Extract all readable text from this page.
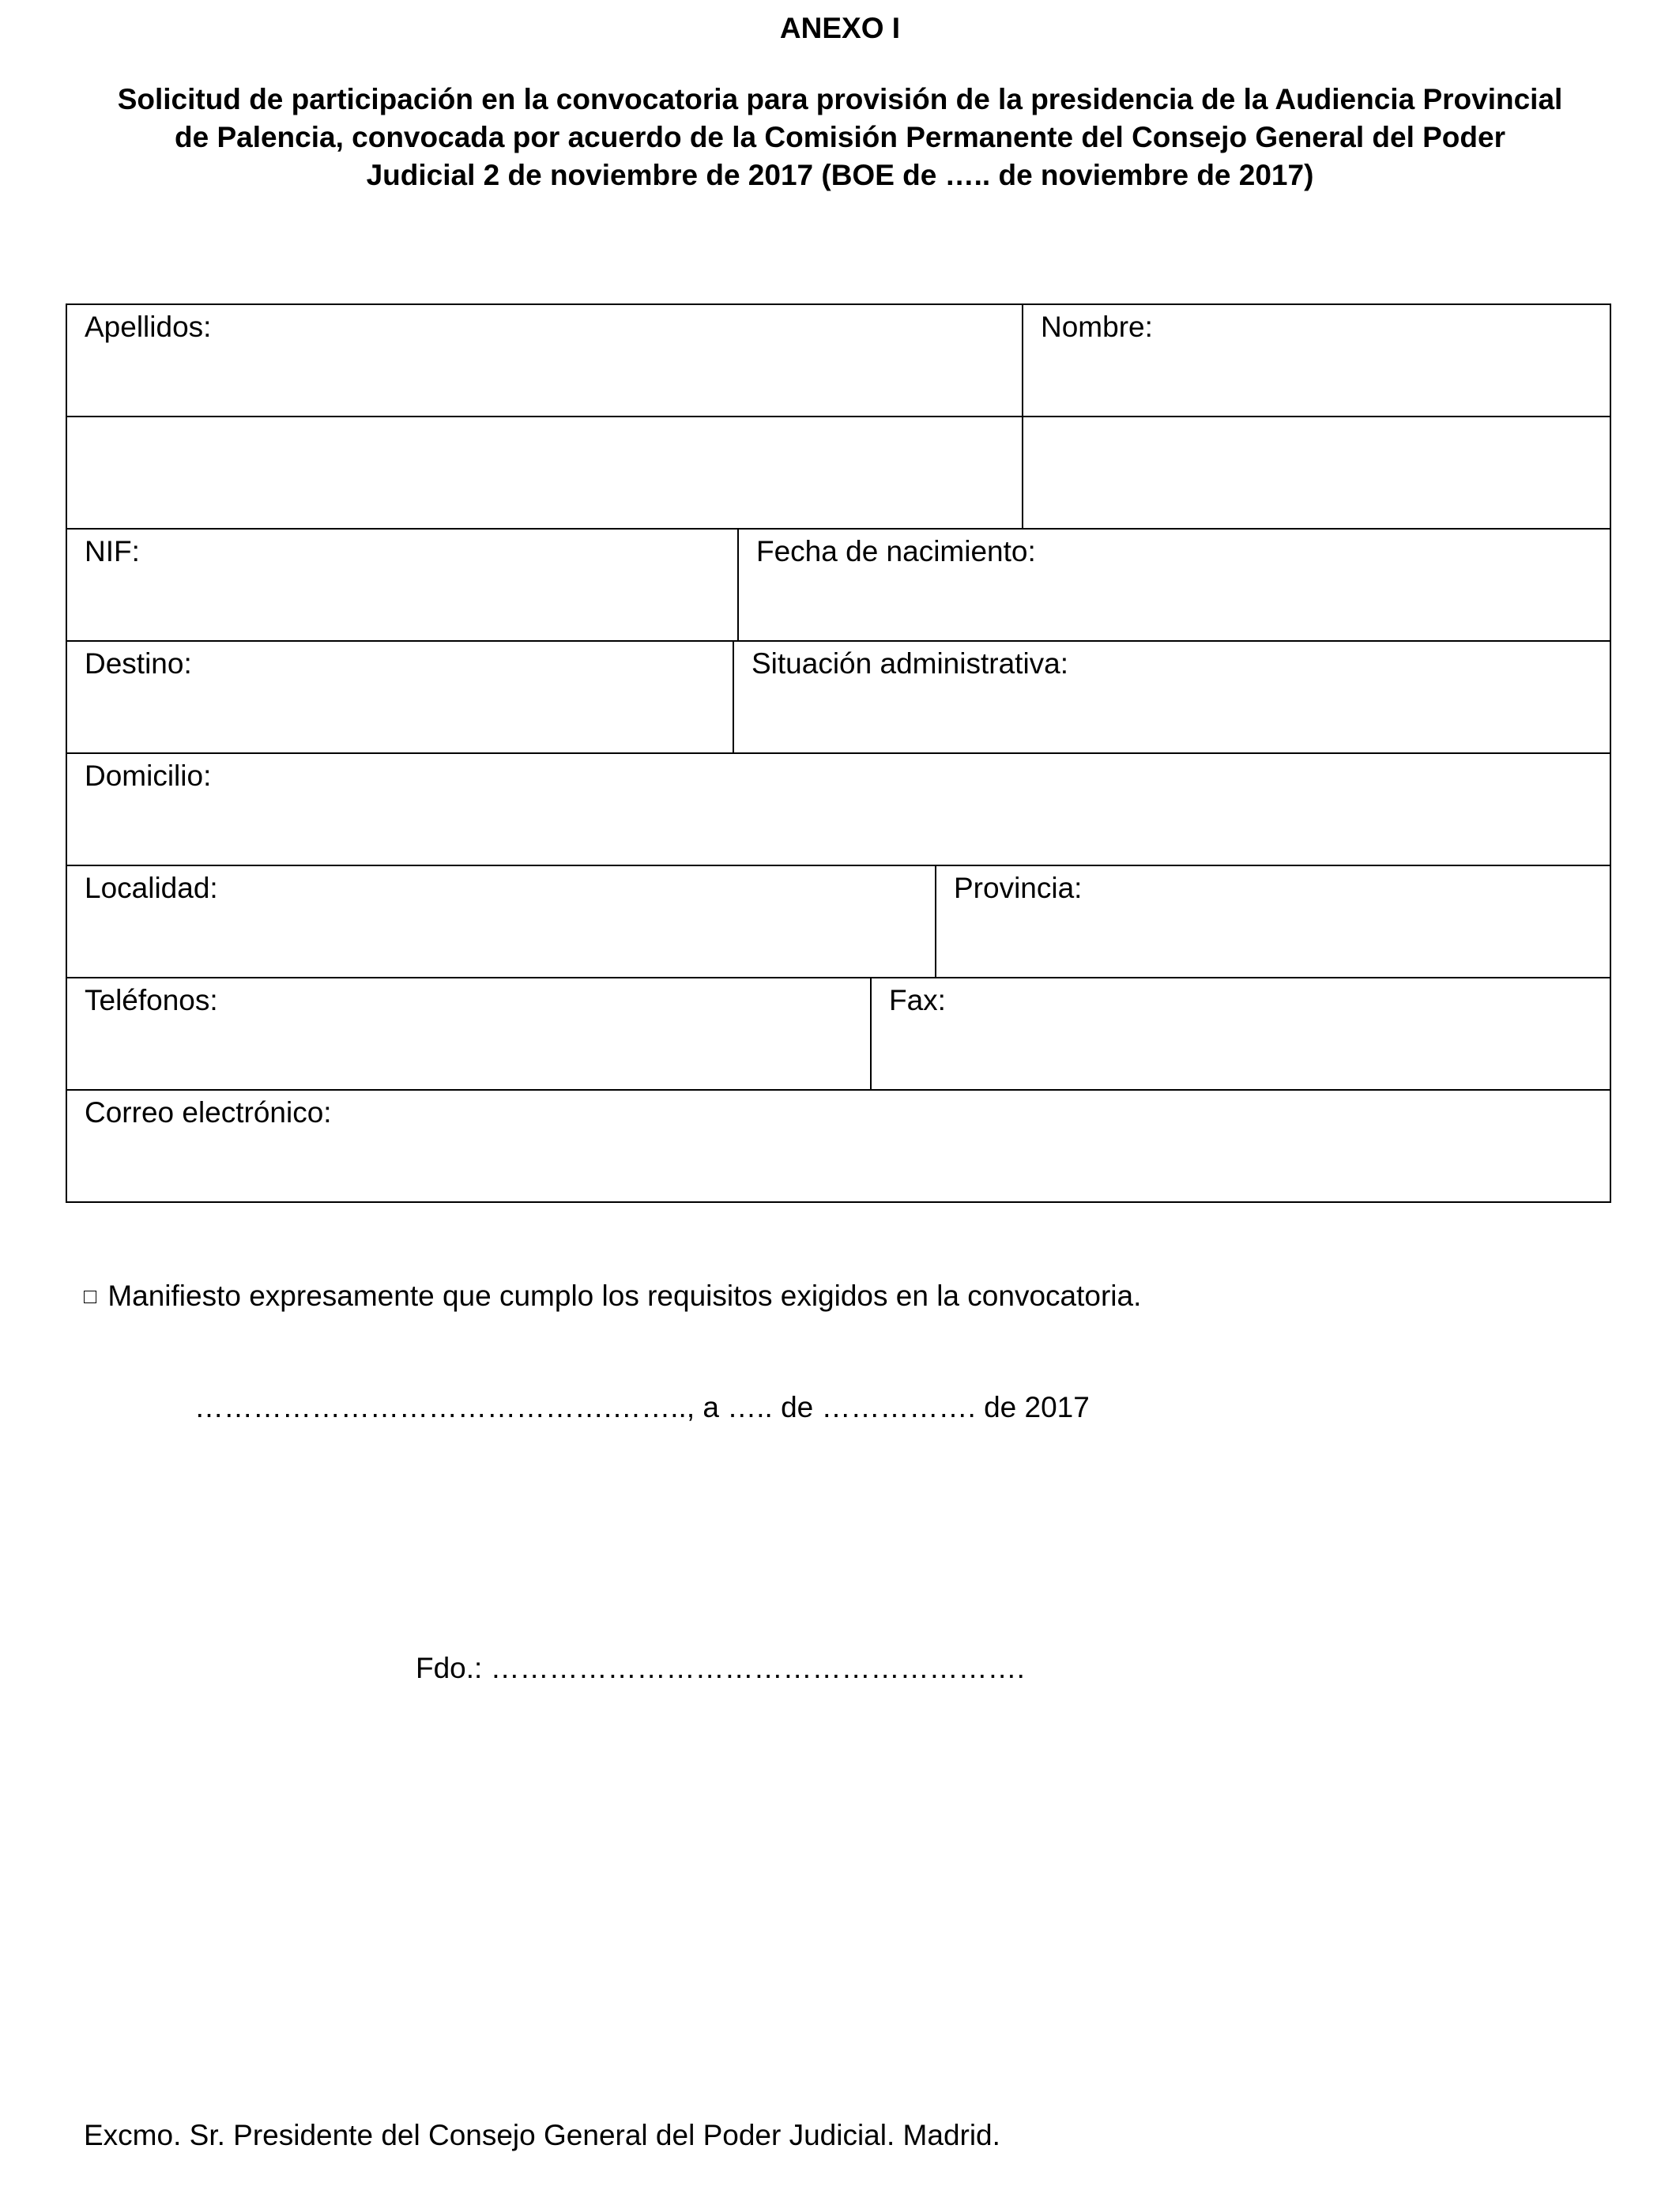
ANEXO I
Solicitud de participación en la convocatoria para provisión de la presidencia de la Audiencia Provincial
de Palencia, convocada por acuerdo de la Comisión Permanente del Consejo General del Poder
Judicial 2 de noviembre de 2017 (BOE de ….. de noviembre de 2017)
Apellidos:	Nombre:
NIF:	Fecha de nacimiento:
Destino:	Situación administrativa:
Domicilio:
Localidad:	Provincia:
Teléfonos:	Fax:
Correo electrónico:
□ Manifiesto expresamente que cumplo los requisitos exigidos en la convocatoria.
…………………………………….…….., a ….. de ……………. de 2017
Fdo.: ……………………………………………….
Excmo. Sr. Presidente del Consejo General del Poder Judicial. Madrid.
